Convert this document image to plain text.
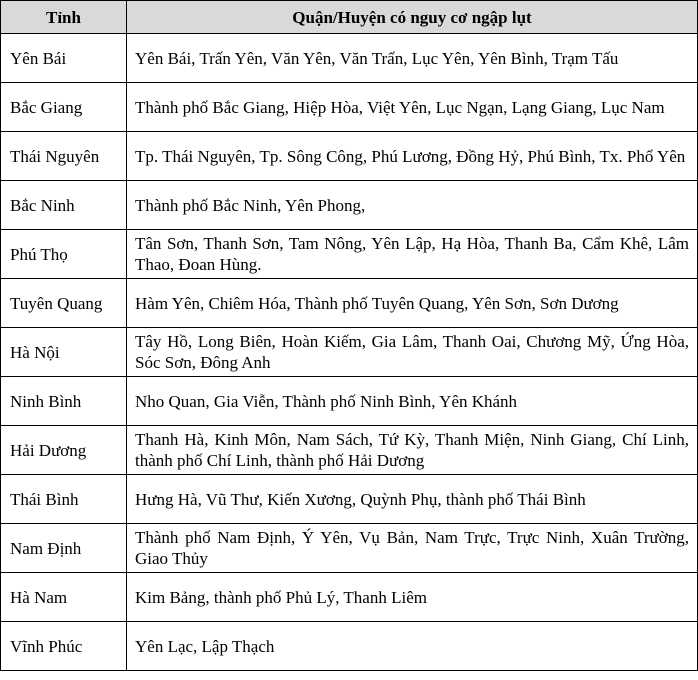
Tỉnh	Quận/Huyện có nguy cơ ngập lụt
Yên Bái	Yên Bái, Trấn Yên, Văn Yên, Văn Trấn, Lục Yên, Yên Bình, Trạm Tấu
Bắc Giang	Thành phố Bắc Giang, Hiệp Hòa, Việt Yên, Lục Ngạn, Lạng Giang, Lục Nam
Thái Nguyên	Tp. Thái Nguyên, Tp. Sông Công, Phú Lương, Đồng Hỷ, Phú Bình, Tx. Phổ Yên
Bắc Ninh	Thành phố Bắc Ninh, Yên Phong,
Phú Thọ	Tân Sơn, Thanh Sơn, Tam Nông, Yên Lập, Hạ Hòa, Thanh Ba, Cẩm Khê, Lâm Thao, Đoan Hùng.
Tuyên Quang	Hàm Yên, Chiêm Hóa, Thành phố Tuyên Quang, Yên Sơn, Sơn Dương
Hà Nội	Tây Hồ, Long Biên, Hoàn Kiếm, Gia Lâm, Thanh Oai, Chương Mỹ, Ứng Hòa, Sóc Sơn, Đông Anh
Ninh Bình	Nho Quan, Gia Viễn, Thành phố Ninh Bình, Yên Khánh
Hải Dương	Thanh Hà, Kinh Môn, Nam Sách, Tứ Kỳ, Thanh Miện, Ninh Giang, Chí Linh, thành phố Chí Linh, thành phố Hải Dương
Thái Bình	Hưng Hà, Vũ Thư, Kiến Xương, Quỳnh Phụ, thành phố Thái Bình
Nam Định	Thành phố Nam Định, Ý Yên, Vụ Bản, Nam Trực, Trực Ninh, Xuân Trường, Giao Thủy
Hà Nam	Kim Bảng, thành phố Phủ Lý, Thanh Liêm
Vĩnh Phúc	Yên Lạc, Lập Thạch
